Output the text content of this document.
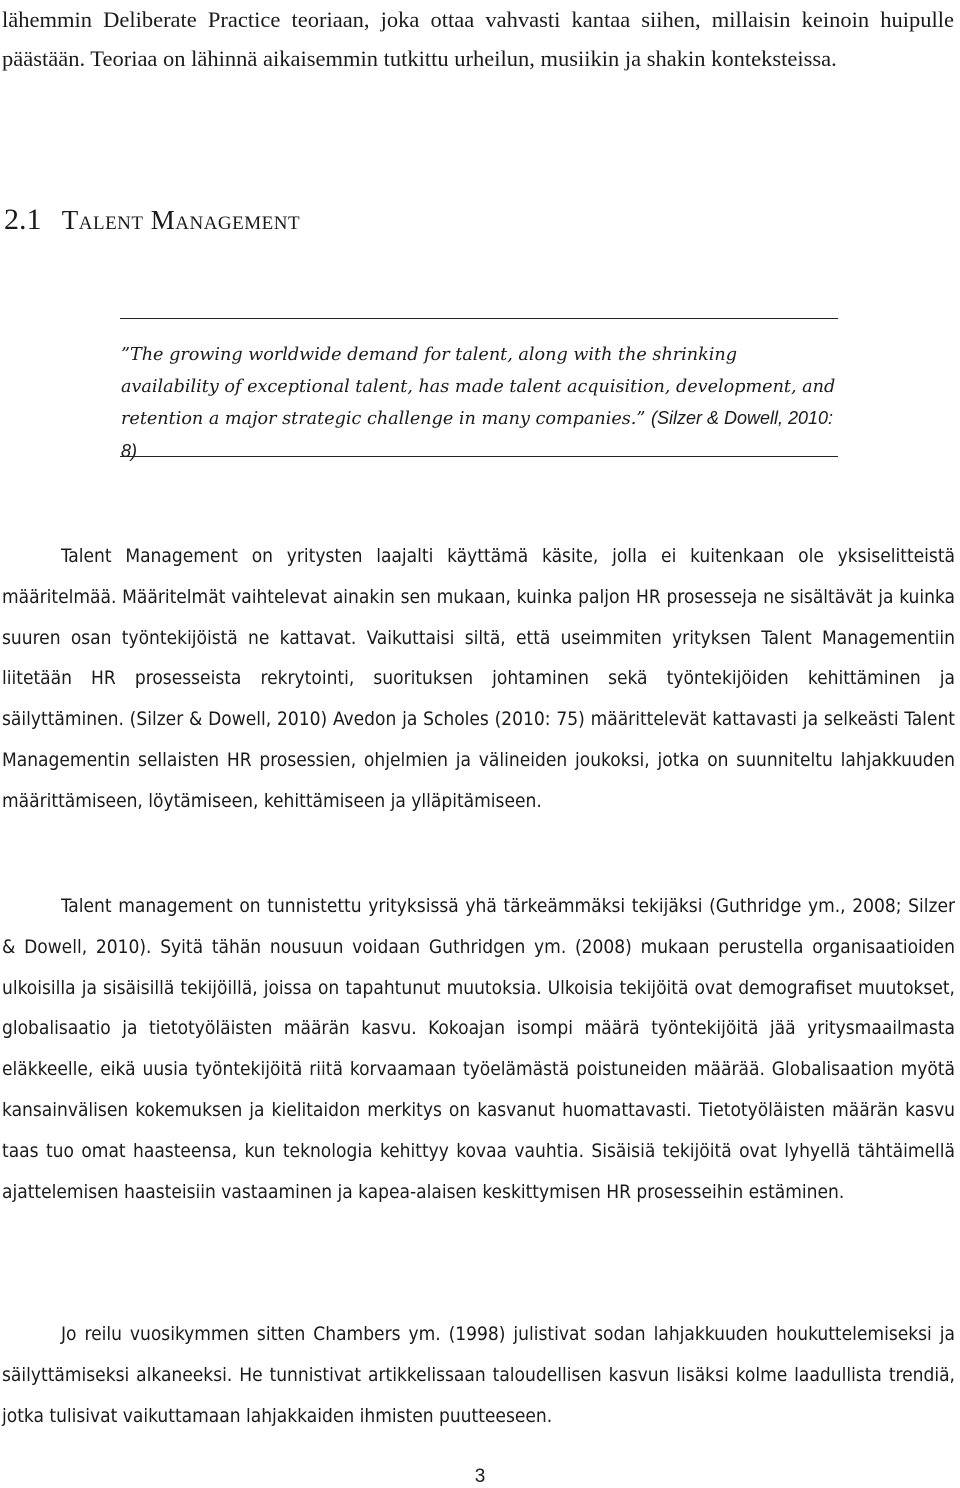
lähemmin Deliberate Practice teoriaan, joka ottaa vahvasti kantaa siihen, millaisin keinoin huipulle päästään. Teoriaa on lähinnä aikaisemmin tutkittu urheilun, musiikin ja shakin konteksteissa.

2.1 Talent Management

”The growing worldwide demand for talent, along with the shrinking availability of exceptional talent, has made talent acquisition, development, and retention a major strategic challenge in many companies.” (Silzer & Dowell, 2010: 8)

Talent Management on yritysten laajalti käyttämä käsite, jolla ei kuitenkaan ole yksiselitteistä määritelmää. Määritelmät vaihtelevat ainakin sen mukaan, kuinka paljon HR prosesseja ne sisältävät ja kuinka suuren osan työntekijöistä ne kattavat. Vaikuttaisi siltä, että useimmiten yrityksen Talent Managementiin liitetään HR prosesseista rekrytointi, suorituksen johtaminen sekä työntekijöiden kehittäminen ja säilyttäminen. (Silzer & Dowell, 2010) Avedon ja Scholes (2010: 75) määrittelevät kattavasti ja selkeästi Talent Managementin sellaisten HR prosessien, ohjelmien ja välineiden joukoksi, jotka on suunniteltu lahjakkuuden määrittämiseen, löytämiseen, kehittämiseen ja ylläpitämiseen.

Talent management on tunnistettu yrityksissä yhä tärkeämmäksi tekijäksi (Guthridge ym., 2008; Silzer & Dowell, 2010). Syitä tähän nousuun voidaan Guthridgen ym. (2008) mukaan perustella organisaatioiden ulkoisilla ja sisäisillä tekijöillä, joissa on tapahtunut muutoksia. Ulkoisia tekijöitä ovat demografiset muutokset, globalisaatio ja tietotyöläisten määrän kasvu. Kokoajan isompi määrä työntekijöitä jää yritysmaailmasta eläkkeelle, eikä uusia työntekijöitä riitä korvaamaan työelämästä poistuneiden määrää. Globalisaation myötä kansainvälisen kokemuksen ja kielitaidon merkitys on kasvanut huomattavasti. Tietotyöläisten määrän kasvu taas tuo omat haasteensa, kun teknologia kehittyy kovaa vauhtia. Sisäisiä tekijöitä ovat lyhyellä tähtäimellä ajattelemisen haasteisiin vastaaminen ja kapea-alaisen keskittymisen HR prosesseihin estäminen.

Jo reilu vuosikymmen sitten Chambers ym. (1998) julistivat sodan lahjakkuuden houkuttelemiseksi ja säilyttämiseksi alkaneeksi. He tunnistivat artikkelissaan taloudellisen kasvun lisäksi kolme laadullista trendiä, jotka tulisivat vaikuttamaan lahjakkaiden ihmisten puutteeseen.

3
